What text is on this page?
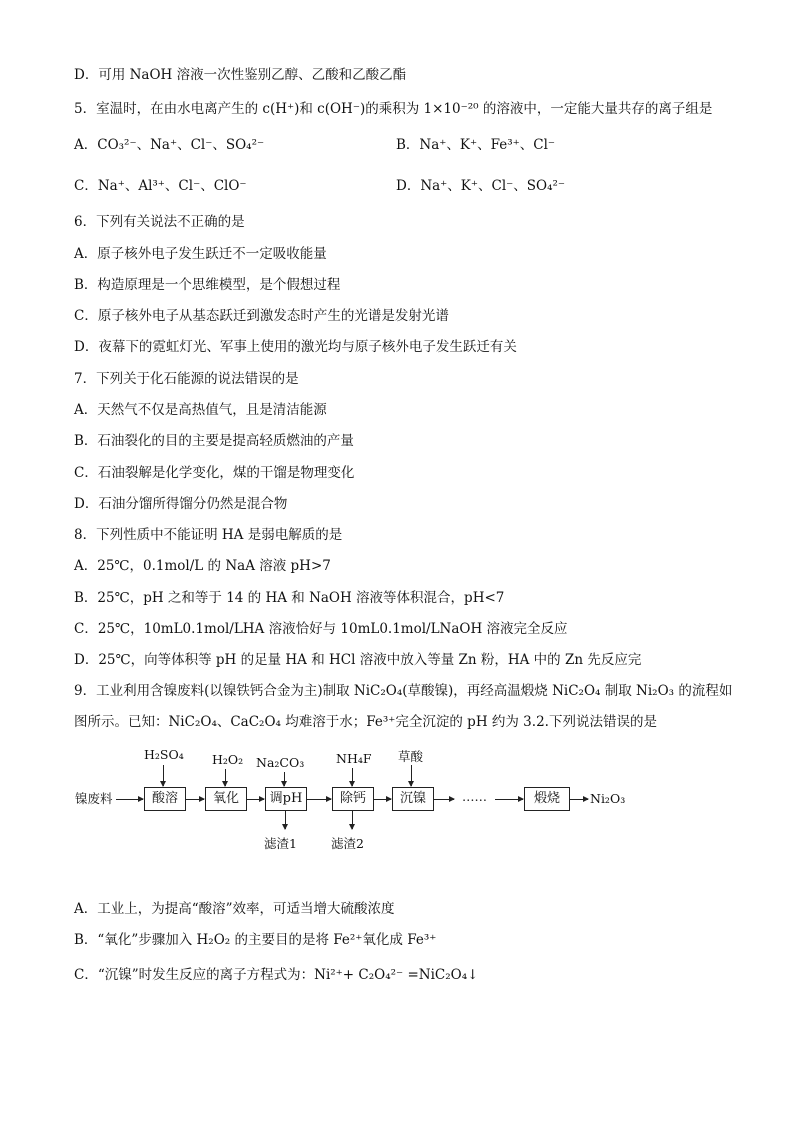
D．可用 NaOH 溶液一次性鉴别乙醇、乙酸和乙酸乙酯
5．室温时，在由水电离产生的 c(H⁺)和 c(OH⁻)的乘积为 1×10⁻²⁰ 的溶液中，一定能大量共存的离子组是
A．CO₃²⁻、Na⁺、Cl⁻、SO₄²⁻	B．Na⁺、K⁺、Fe³⁺、Cl⁻
C．Na⁺、Al³⁺、Cl⁻、ClO⁻	D．Na⁺、K⁺、Cl⁻、SO₄²⁻
6．下列有关说法不正确的是
A．原子核外电子发生跃迁不一定吸收能量
B．构造原理是一个思维模型，是个假想过程
C．原子核外电子从基态跃迁到激发态时产生的光谱是发射光谱
D．夜幕下的霓虹灯光、军事上使用的激光均与原子核外电子发生跃迁有关
7．下列关于化石能源的说法错误的是
A．天然气不仅是高热值气，且是清洁能源
B．石油裂化的目的主要是提高轻质燃油的产量
C．石油裂解是化学变化，煤的干馏是物理变化
D．石油分馏所得馏分仍然是混合物
8．下列性质中不能证明 HA 是弱电解质的是
A．25℃，0.1mol/L 的 NaA 溶液 pH>7
B．25℃，pH 之和等于 14 的 HA 和 NaOH 溶液等体积混合，pH<7
C．25℃，10mL0.1mol/LHA 溶液恰好与 10mL0.1mol/LNaOH 溶液完全反应
D．25℃，向等体积等 pH 的足量 HA 和 HCl 溶液中放入等量 Zn 粉，HA 中的 Zn 先反应完
9．工业利用含镍废料(以镍铁钙合金为主)制取 NiC₂O₄(草酸镍)，再经高温煅烧 NiC₂O₄ 制取 Ni₂O₃ 的流程如
图所示。已知：NiC₂O₄、CaC₂O₄ 均难溶于水；Fe³⁺完全沉淀的 pH 约为 3.2.下列说法错误的是
镍废料	酸溶	氧化	调pH	除钙	沉镍	……	煅烧	Ni₂O₃
H₂SO₄ H₂O₂ Na₂CO₃	NH₄F 草酸
滤渣1	滤渣2
A．工业上，为提高“酸溶”效率，可适当增大硫酸浓度
B．“氧化”步骤加入 H₂O₂ 的主要目的是将 Fe²⁺氧化成 Fe³⁺
C．“沉镍”时发生反应的离子方程式为：Ni²⁺+ C₂O₄²⁻ =NiC₂O₄↓
